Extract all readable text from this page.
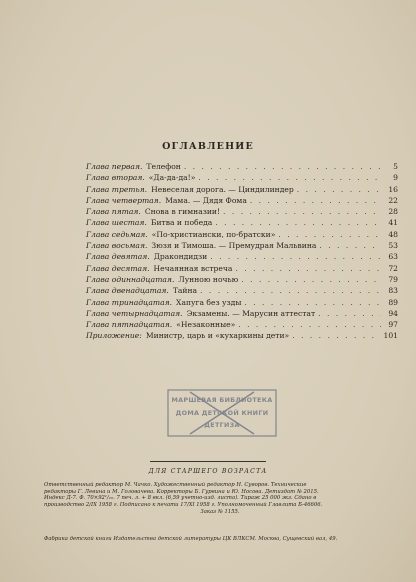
ОГЛАВЛЕНИЕ
Глава первая. Телефон . . .	5
Глава вторая. «Да-да-да!» . . .	9
Глава третья. Невеселая дорога. — Циндилиндер . . .	16
Глава четвертая. Мама. — Дядя Фома . . .	22
Глава пятая. Снова в гимназии! . . .	28
Глава шестая. Битва и победа . . .	41
Глава седьмая. «По-христиански, по-братски» . . .	48
Глава восьмая. Зюзя и Тимоша. — Премудрая Мальвина . . .	53
Глава девятая. Дракондидзи . . .	63
Глава десятая. Нечаянная встреча . . .	72
Глава одиннадцатая. Лунною ночью . . .	79
Глава двенадцатая. Тайна . . .	83
Глава тринадцатая. Хапуга без узды . . .	89
Глава четырнадцатая. Экзамены. — Марусин аттестат . . .	94
Глава пятнадцатая. «Незаконные» . . .	97
Приложение: Министр, царь и «кухаркины дети» . . .	101
МАРШЕВАЯ БИБЛИОТЕКА
ДОМА ДЕТСКОЙ КНИГИ
ДЕТГИЗА
ДЛЯ СТАРШЕГО ВОЗРАСТА
Ответственный редактор М. Чачко. Художественный редактор Н. Суворов. Технические
редакторы Г. Левина и М. Головачева. Корректоры Б. Гурвина и Ю. Носова. Детиздат № 2015.
Индекс Д-7. Ф. 70×92¹/₁₆. 7 печ. л. + 8 вкл. (6,59 учетно-изд. листа). Тираж 25 000 экз. Сдано в
производство 2/IX 1958 г. Подписано к печати 17/XI 1958 г. Уполномоченный Главлита Б-46606.
Заказ № 1155.
Фабрика детской книги Издательства детской литературы ЦК ВЛКСМ. Москва, Сущевский вал, 49.
